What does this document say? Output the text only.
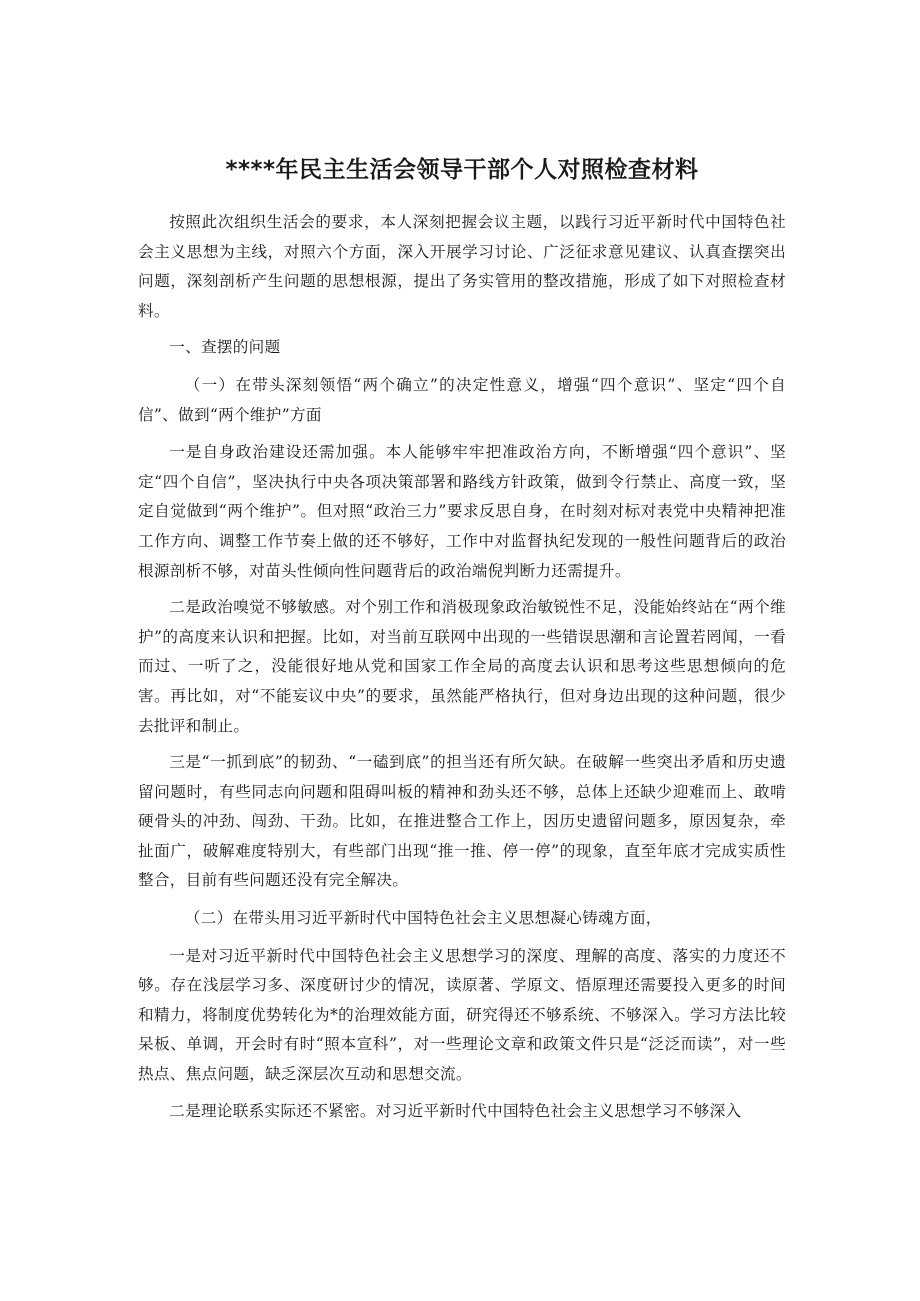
****年民主生活会领导干部个人对照检查材料

按照此次组织生活会的要求，本人深刻把握会议主题，以践行习近平新时代中国特色社会主义思想为主线，对照六个方面，深入开展学习讨论、广泛征求意见建议、认真查摆突出问题，深刻剖析产生问题的思想根源，提出了务实管用的整改措施，形成了如下对照检查材料。

一、查摆的问题

（一）在带头深刻领悟“两个确立”的决定性意义，增强“四个意识”、坚定“四个自信”、做到“两个维护”方面

一是自身政治建设还需加强。本人能够牢牢把准政治方向，不断增强“四个意识”、坚定“四个自信”，坚决执行中央各项决策部署和路线方针政策，做到令行禁止、高度一致，坚定自觉做到“两个维护”。但对照“政治三力”要求反思自身，在时刻对标对表党中央精神把准工作方向、调整工作节奏上做的还不够好，工作中对监督执纪发现的一般性问题背后的政治根源剖析不够，对苗头性倾向性问题背后的政治端倪判断力还需提升。

二是政治嗅觉不够敏感。对个别工作和消极现象政治敏锐性不足，没能始终站在“两个维护”的高度来认识和把握。比如，对当前互联网中出现的一些错误思潮和言论置若罔闻，一看而过、一听了之，没能很好地从党和国家工作全局的高度去认识和思考这些思想倾向的危害。再比如，对“不能妄议中央”的要求，虽然能严格执行，但对身边出现的这种问题，很少去批评和制止。

三是“一抓到底”的韧劲、“一磕到底”的担当还有所欠缺。在破解一些突出矛盾和历史遗留问题时，有些同志向问题和阻碍叫板的精神和劲头还不够，总体上还缺少迎难而上、敢啃硬骨头的冲劲、闯劲、干劲。比如，在推进整合工作上，因历史遗留问题多，原因复杂，牵扯面广，破解难度特别大，有些部门出现“推一推、停一停”的现象，直至年底才完成实质性整合，目前有些问题还没有完全解决。

（二）在带头用习近平新时代中国特色社会主义思想凝心铸魂方面，

一是对习近平新时代中国特色社会主义思想学习的深度、理解的高度、落实的力度还不够。存在浅层学习多、深度研讨少的情况，读原著、学原文、悟原理还需要投入更多的时间和精力，将制度优势转化为*的治理效能方面，研究得还不够系统、不够深入。学习方法比较呆板、单调，开会时有时“照本宣科”，对一些理论文章和政策文件只是“泛泛而读”，对一些热点、焦点问题，缺乏深层次互动和思想交流。

二是理论联系实际还不紧密。对习近平新时代中国特色社会主义思想学习不够深入
